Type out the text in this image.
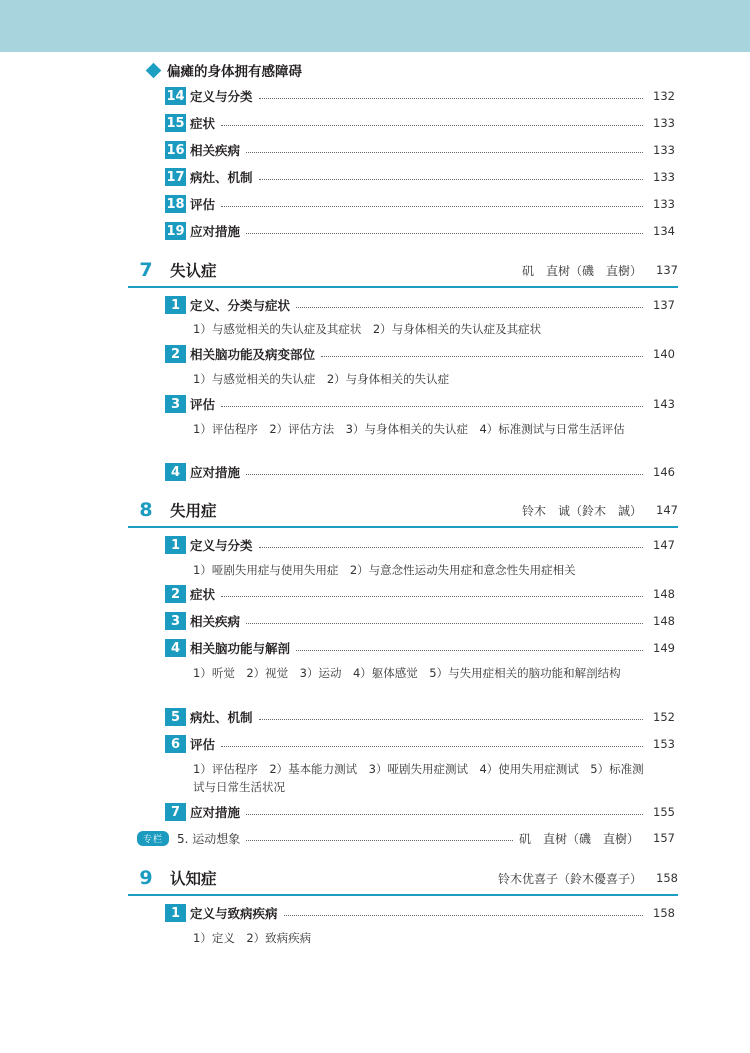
偏瘫的身体拥有感障碍
14 定义与分类	132
15 症状	133
16 相关疾病	133
17 病灶、机制	133
18 评估	133
19 应对措施	134
7	失认症	矶　直树（磯　直樹）	137
1 定义、分类与症状	137
1）与感觉相关的失认症及其症状　2）与身体相关的失认症及其症状
2 相关脑功能及病变部位	140
1）与感觉相关的失认症　2）与身体相关的失认症
3 评估	143
1）评估程序　2）评估方法　3）与身体相关的失认症　4）标准测试与日常生活评估
4 应对措施	146
8	失用症	铃木　诚（鈴木　誠）	147
1 定义与分类	147
1）哑剧失用症与使用失用症　2）与意念性运动失用症和意念性失用症相关
2 症状	148
3 相关疾病	148
4 相关脑功能与解剖	149
1）听觉　2）视觉　3）运动　4）躯体感觉　5）与失用症相关的脑功能和解剖结构
5 病灶、机制	152
6 评估	153
1）评估程序　2）基本能力测试　3）哑剧失用症测试　4）使用失用症测试　5）标准测试与日常生活状况
7 应对措施	155
专栏	5. 运动想象	矶　直树（磯　直樹）	157
9	认知症	铃木优喜子（鈴木優喜子）	158
1 定义与致病疾病	158
1）定义　2）致病疾病
